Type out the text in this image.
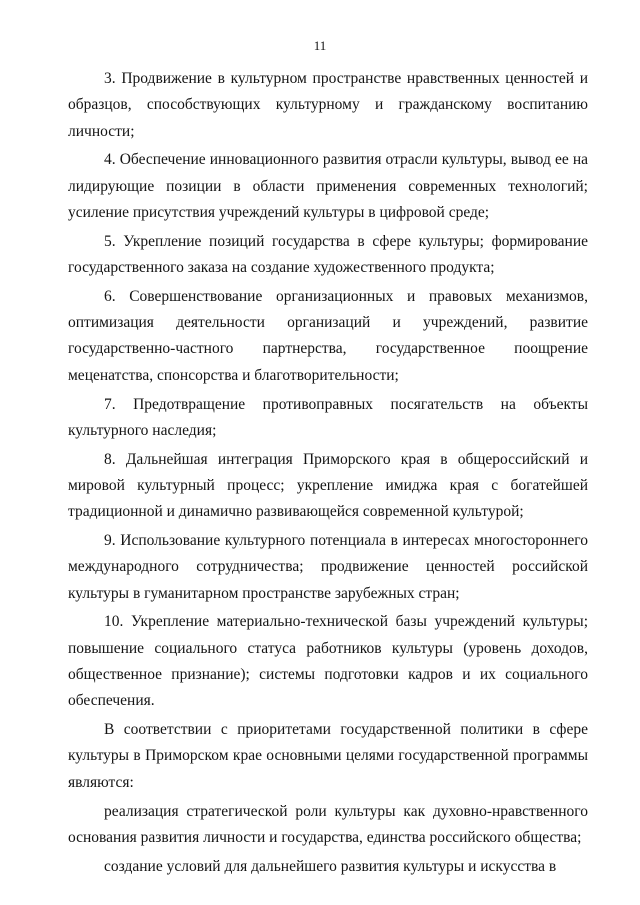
11

3. Продвижение в культурном пространстве нравственных ценностей и образцов, способствующих культурному и гражданскому воспитанию личности;

4. Обеспечение инновационного развития отрасли культуры, вывод ее на лидирующие позиции в области применения современных технологий; усиление присутствия учреждений культуры в цифровой среде;

5. Укрепление позиций государства в сфере культуры; формирование государственного заказа на создание художественного продукта;

6. Совершенствование организационных и правовых механизмов, оптимизация деятельности организаций и учреждений, развитие государственно-частного партнерства, государственное поощрение меценатства, спонсорства и благотворительности;

7. Предотвращение противоправных посягательств на объекты культурного наследия;

8. Дальнейшая интеграция Приморского края в общероссийский и мировой культурный процесс; укрепление имиджа края с богатейшей традиционной и динамично развивающейся современной культурой;

9. Использование культурного потенциала в интересах многостороннего международного сотрудничества; продвижение ценностей российской культуры в гуманитарном пространстве зарубежных стран;

10. Укрепление материально-технической базы учреждений культуры; повышение социального статуса работников культуры (уровень доходов, общественное признание); системы подготовки кадров и их социального обеспечения.

В соответствии с приоритетами государственной политики в сфере культуры в Приморском крае основными целями государственной программы являются:

реализация стратегической роли культуры как духовно-нравственного основания развития личности и государства, единства российского общества;

создание условий для дальнейшего развития культуры и искусства в
